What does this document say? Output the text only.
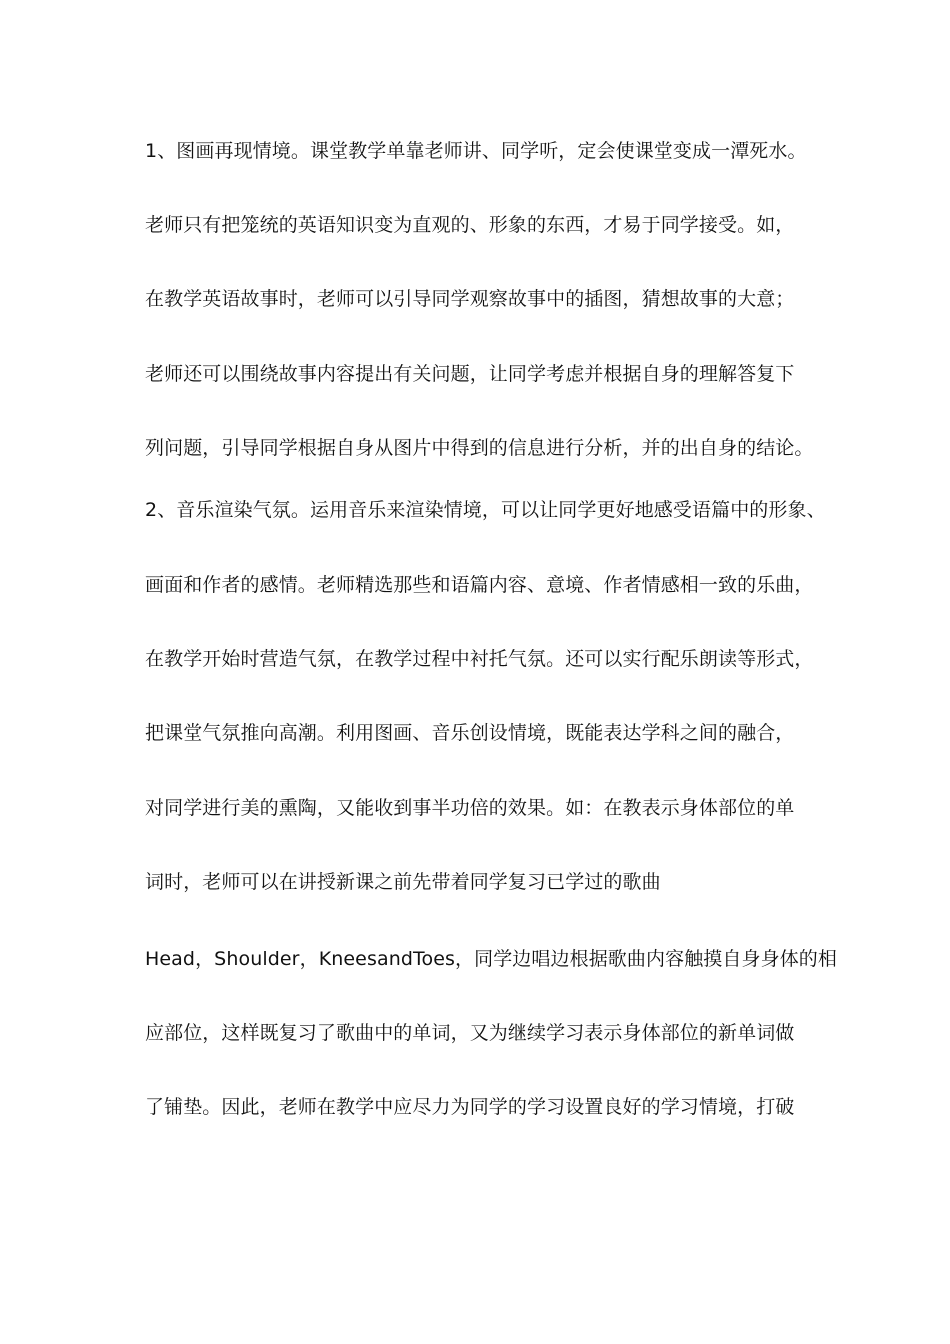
1、图画再现情境。课堂教学单靠老师讲、同学听，定会使课堂变成一潭死水。
老师只有把笼统的英语知识变为直观的、形象的东西，才易于同学接受。如，
在教学英语故事时，老师可以引导同学观察故事中的插图，猜想故事的大意；
老师还可以围绕故事内容提出有关问题，让同学考虑并根据自身的理解答复下
列问题，引导同学根据自身从图片中得到的信息进行分析，并的出自身的结论。
2、音乐渲染气氛。运用音乐来渲染情境，可以让同学更好地感受语篇中的形象、
画面和作者的感情。老师精选那些和语篇内容、意境、作者情感相一致的乐曲，
在教学开始时营造气氛，在教学过程中衬托气氛。还可以实行配乐朗读等形式，
把课堂气氛推向高潮。利用图画、音乐创设情境，既能表达学科之间的融合，
对同学进行美的熏陶，又能收到事半功倍的效果。如：在教表示身体部位的单
词时，老师可以在讲授新课之前先带着同学复习已学过的歌曲
Head，Shoulder，KneesandToes，同学边唱边根据歌曲内容触摸自身身体的相
应部位，这样既复习了歌曲中的单词，又为继续学习表示身体部位的新单词做
了铺垫。因此，老师在教学中应尽力为同学的学习设置良好的学习情境，打破
